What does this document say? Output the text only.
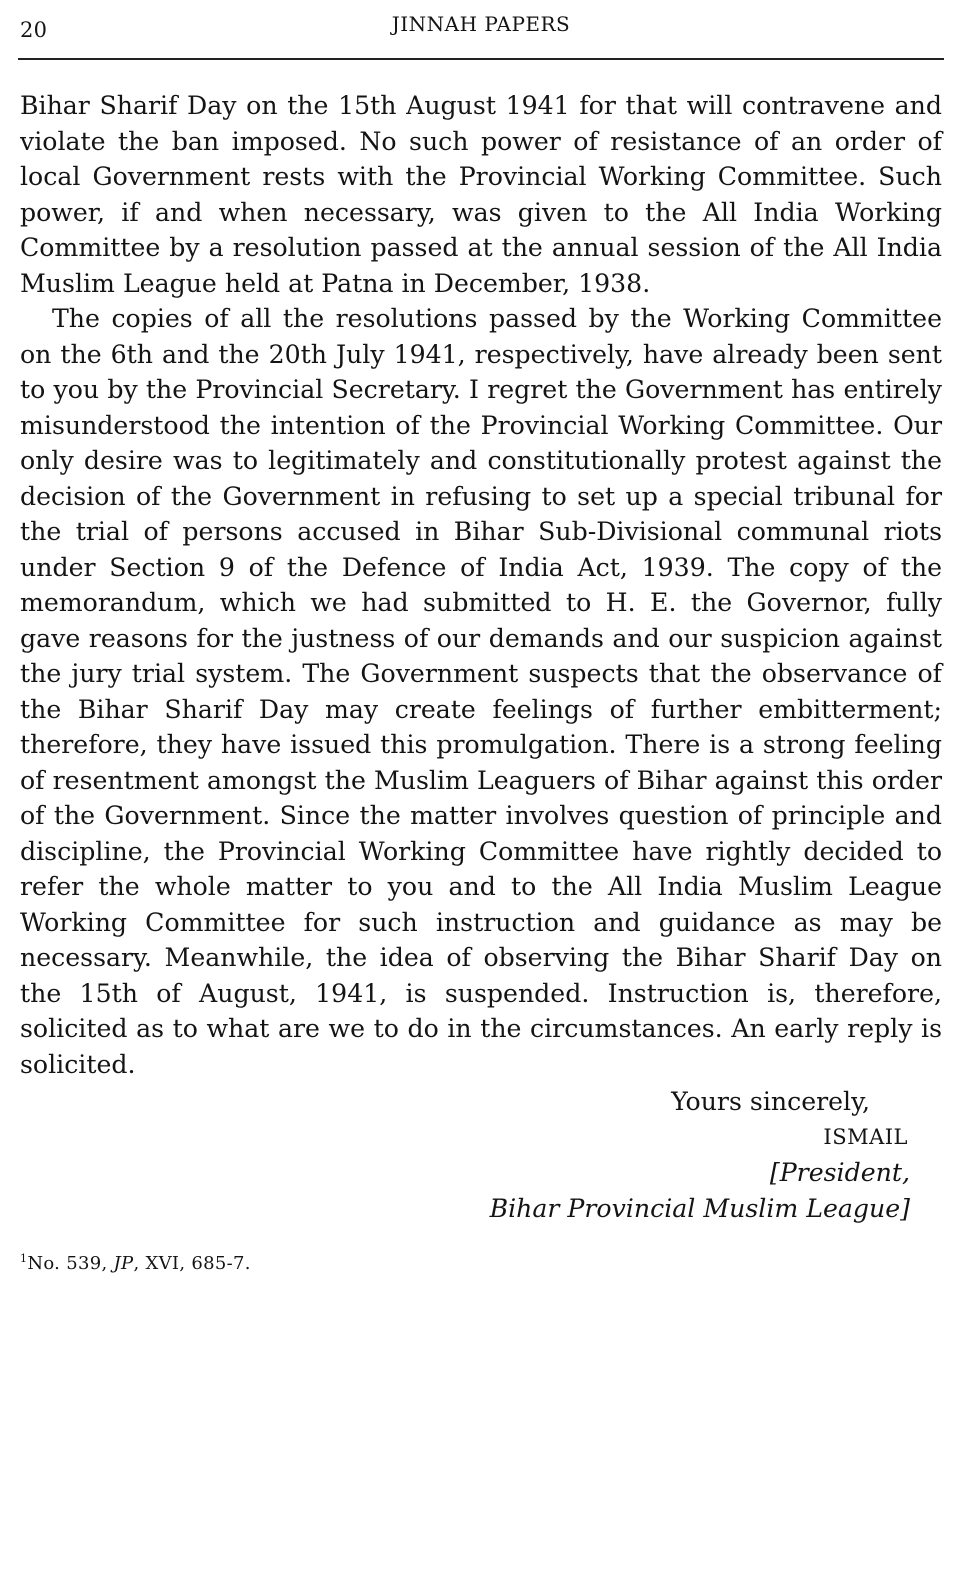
20	JINNAH PAPERS

Bihar Sharif Day on the 15th August 1941 for that will contravene and violate the ban imposed. No such power of resistance of an order of local Government rests with the Provincial Working Committee. Such power, if and when necessary, was given to the All India Working Committee by a resolution passed at the annual session of the All India Muslim League held at Patna in December, 1938.

The copies of all the resolutions passed by the Working Committee on the 6th and the 20th July 1941, respectively, have already been sent to you by the Provincial Secretary. I regret the Government has entirely misunderstood the intention of the Provincial Working Committee. Our only desire was to legitimately and constitutionally protest against the decision of the Government in refusing to set up a special tribunal for the trial of persons accused in Bihar Sub-Divisional communal riots under Section 9 of the Defence of India Act, 1939. The copy of the memorandum, which we had submitted to H. E. the Governor, fully gave reasons for the justness of our demands and our suspicion against the jury trial system. The Government suspects that the observance of the Bihar Sharif Day may create feelings of further embitterment; therefore, they have issued this promulgation. There is a strong feeling of resentment amongst the Muslim Leaguers of Bihar against this order of the Government. Since the matter involves question of principle and discipline, the Provincial Working Committee have rightly decided to refer the whole matter to you and to the All India Muslim League Working Committee for such instruction and guidance as may be necessary. Meanwhile, the idea of observing the Bihar Sharif Day on the 15th of August, 1941, is suspended. Instruction is, therefore, solicited as to what are we to do in the circumstances. An early reply is solicited.

Yours sincerely,
ISMAIL
[President,
Bihar Provincial Muslim League]
$^1$No. 539, JP, XVI, 685-7.
